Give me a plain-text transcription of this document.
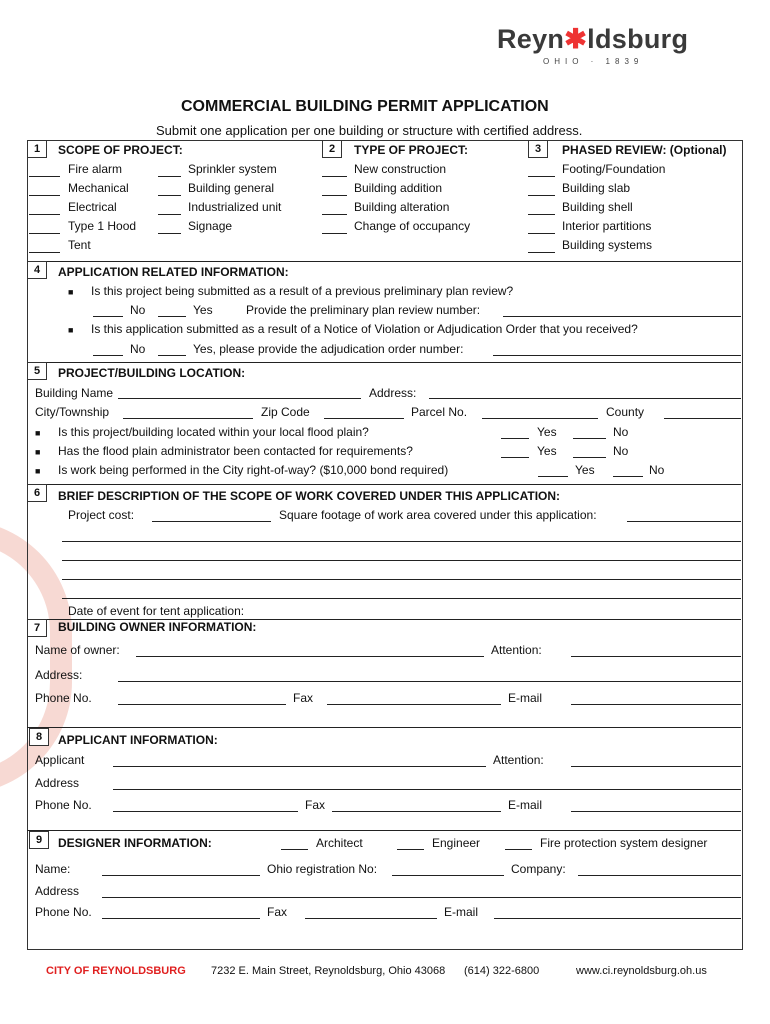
Reyn✱ldsburg
OHIO · 1839
COMMERCIAL BUILDING PERMIT APPLICATION
Submit one application per one building or structure with certified address.
1	SCOPE OF PROJECT:
Fire alarm
Mechanical
Electrical
Type 1 Hood
Tent
Sprinkler system
Building general
Industrialized unit
Signage
2	TYPE OF PROJECT:
New construction
Building addition
Building alteration
Change of occupancy
3	PHASED REVIEW: (Optional)
Footing/Foundation
Building slab
Building shell
Interior partitions
Building systems
4	APPLICATION RELATED INFORMATION:
■ Is this project being submitted as a result of a previous preliminary plan review?
No	Yes	Provide the preliminary plan review number:
■ Is this application submitted as a result of a Notice of Violation or Adjudication Order that you received?
No	Yes, please provide the adjudication order number:
5	PROJECT/BUILDING LOCATION:
Building Name	Address:
City/Township	Zip Code	Parcel No.	County
■ Is this project/building located within your local flood plain?	Yes	No
■ Has the flood plain administrator been contacted for requirements?	Yes	No
■ Is work being performed in the City right-of-way? ($10,000 bond required)	Yes	No
6	BRIEF DESCRIPTION OF THE SCOPE OF WORK COVERED UNDER THIS APPLICATION:
Project cost:	Square footage of work area covered under this application:
Date of event for tent application:
7	BUILDING OWNER INFORMATION:
Name of owner:	Attention:
Address:
Phone No.	Fax	E-mail
8	APPLICANT INFORMATION:
Applicant	Attention:
Address
Phone No.	Fax	E-mail
9	DESIGNER INFORMATION:	Architect	Engineer	Fire protection system designer
Name:	Ohio registration No:	Company:
Address
Phone No.	Fax	E-mail
CITY OF REYNOLDSBURG 7232 E. Main Street, Reynoldsburg, Ohio 43068 (614) 322-6800	www.ci.reynoldsburg.oh.us
